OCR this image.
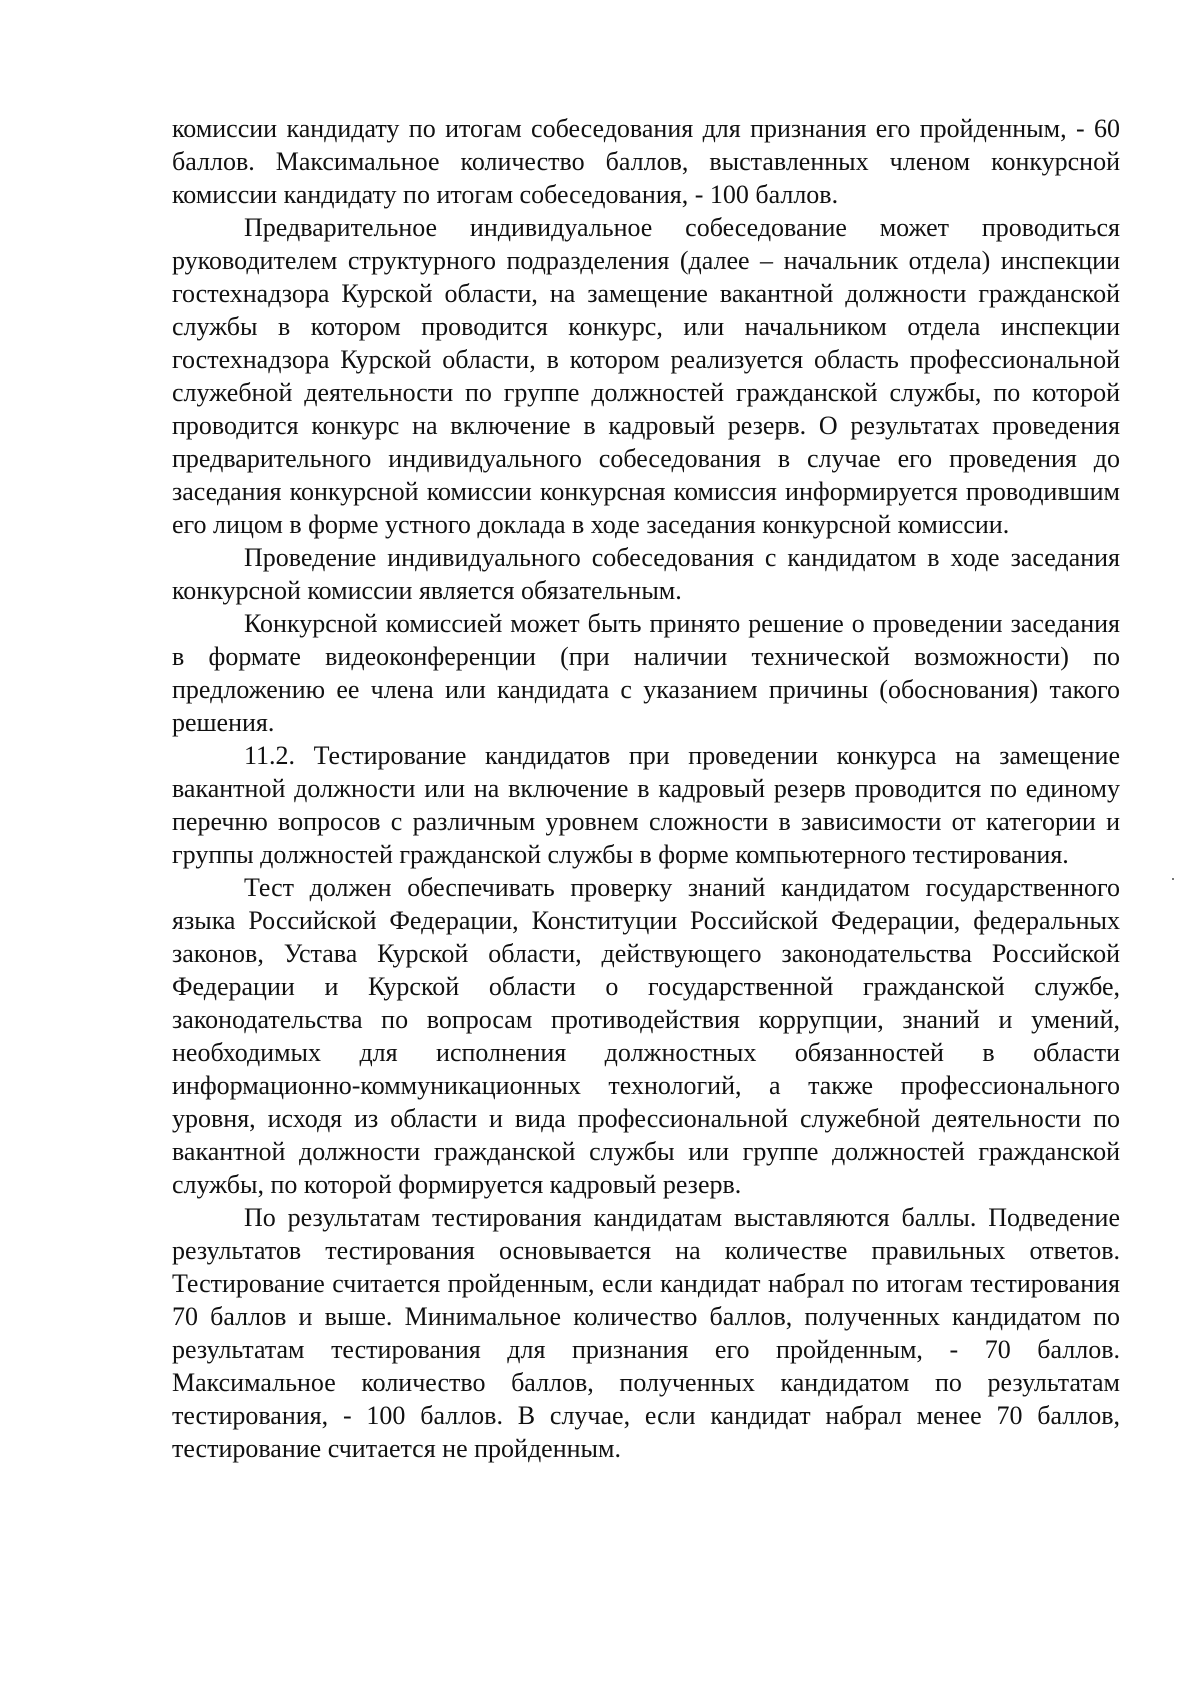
комиссии кандидату по итогам собеседования для признания его пройденным, - 60 баллов. Максимальное количество баллов, выставленных членом конкурсной комиссии кандидату по итогам собеседования, - 100 баллов.

Предварительное индивидуальное собеседование может проводиться руководителем структурного подразделения (далее – начальник отдела) инспекции гостехнадзора Курской области, на замещение вакантной должности гражданской службы в котором проводится конкурс, или начальником отдела инспекции гостехнадзора Курской области, в котором реализуется область профессиональной служебной деятельности по группе должностей гражданской службы, по которой проводится конкурс на включение в кадровый резерв. О результатах проведения предварительного индивидуального собеседования в случае его проведения до заседания конкурсной комиссии конкурсная комиссия информируется проводившим его лицом в форме устного доклада в ходе заседания конкурсной комиссии.

Проведение индивидуального собеседования с кандидатом в ходе заседания конкурсной комиссии является обязательным.

Конкурсной комиссией может быть принято решение о проведении заседания в формате видеоконференции (при наличии технической возможности) по предложению ее члена или кандидата с указанием причины (обоснования) такого решения.

11.2. Тестирование кандидатов при проведении конкурса на замещение вакантной должности или на включение в кадровый резерв проводится по единому перечню вопросов с различным уровнем сложности в зависимости от категории и группы должностей гражданской службы в форме компьютерного тестирования.

Тест должен обеспечивать проверку знаний кандидатом государственного языка Российской Федерации, Конституции Российской Федерации, федеральных законов, Устава Курской области, действующего законодательства Российской Федерации и Курской области о государственной гражданской службе, законодательства по вопросам противодействия коррупции, знаний и умений, необходимых для исполнения должностных обязанностей в области информационно-коммуникационных технологий, а также профессионального уровня, исходя из области и вида профессиональной служебной деятельности по вакантной должности гражданской службы или группе должностей гражданской службы, по которой формируется кадровый резерв.

По результатам тестирования кандидатам выставляются баллы. Подведение результатов тестирования основывается на количестве правильных ответов. Тестирование считается пройденным, если кандидат набрал по итогам тестирования 70 баллов и выше. Минимальное количество баллов, полученных кандидатом по результатам тестирования для признания его пройденным, - 70 баллов. Максимальное количество баллов, полученных кандидатом по результатам тестирования, - 100 баллов. В случае, если кандидат набрал менее 70 баллов, тестирование считается не пройденным.
